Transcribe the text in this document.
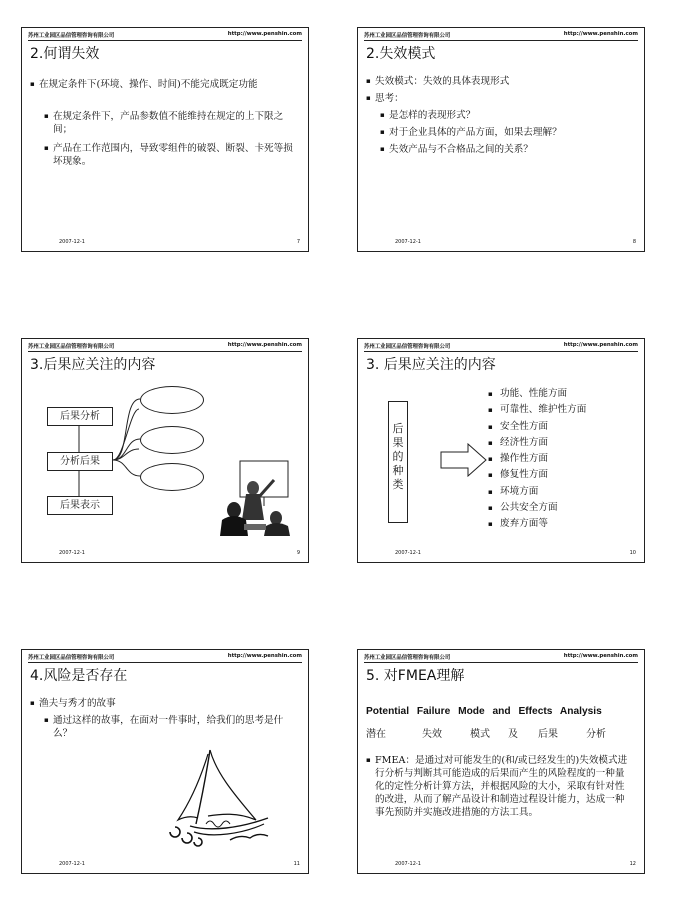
苏州工业园区品信管理咨询有限公司	http://www.penshin.com
2.何谓失效
▪ 在规定条件下(环境、操作、时间)不能完成既定功能
▪ 在规定条件下，产品参数值不能维持在规定的上下限之间；
▪ 产品在工作范围内，导致零组件的破裂、断裂、卡死等损坏现象。
2007-12-1	7
苏州工业园区品信管理咨询有限公司	http://www.penshin.com
2.失效模式
▪ 失效模式：失效的具体表现形式
▪ 思考：
▪ 是怎样的表现形式？
▪ 对于企业具体的产品方面，如果去理解？
▪ 失效产品与不合格品之间的关系？
2007-12-1	8
苏州工业园区品信管理咨询有限公司	http://www.penshin.com
3.后果应关注的内容
后果分析
分析后果
后果表示
2007-12-1	9
苏州工业园区品信管理咨询有限公司	http://www.penshin.com
3. 后果应关注的内容
后
果
的
种
类
▪ 功能、性能方面
▪ 可靠性、维护性方面
▪ 安全性方面
▪ 经济性方面
▪ 操作性方面
▪ 修复性方面
▪ 环境方面
▪ 公共安全方面
▪ 废弃方面等
2007-12-1	10
苏州工业园区品信管理咨询有限公司	http://www.penshin.com
4.风险是否存在
▪ 渔夫与秀才的故事
▪ 通过这样的故事，在面对一件事时，给我们的思考是什么？
2007-12-1	11
苏州工业园区品信管理咨询有限公司	http://www.penshin.com
5. 对FMEA理解
Potential Failure Mode and Effects Analysis
潜在	失效	模式 及 后果	分析
▪ FMEA：是通过对可能发生的(和/或已经发生的)失效模式进行分析与判断其可能造成的后果而产生的风险程度的一种量化的定性分析计算方法，并根据风险的大小，采取有针对性的改进，从而了解产品设计和制造过程设计能力，达成一种事先预防并实施改进措施的方法工具。
2007-12-1	12
